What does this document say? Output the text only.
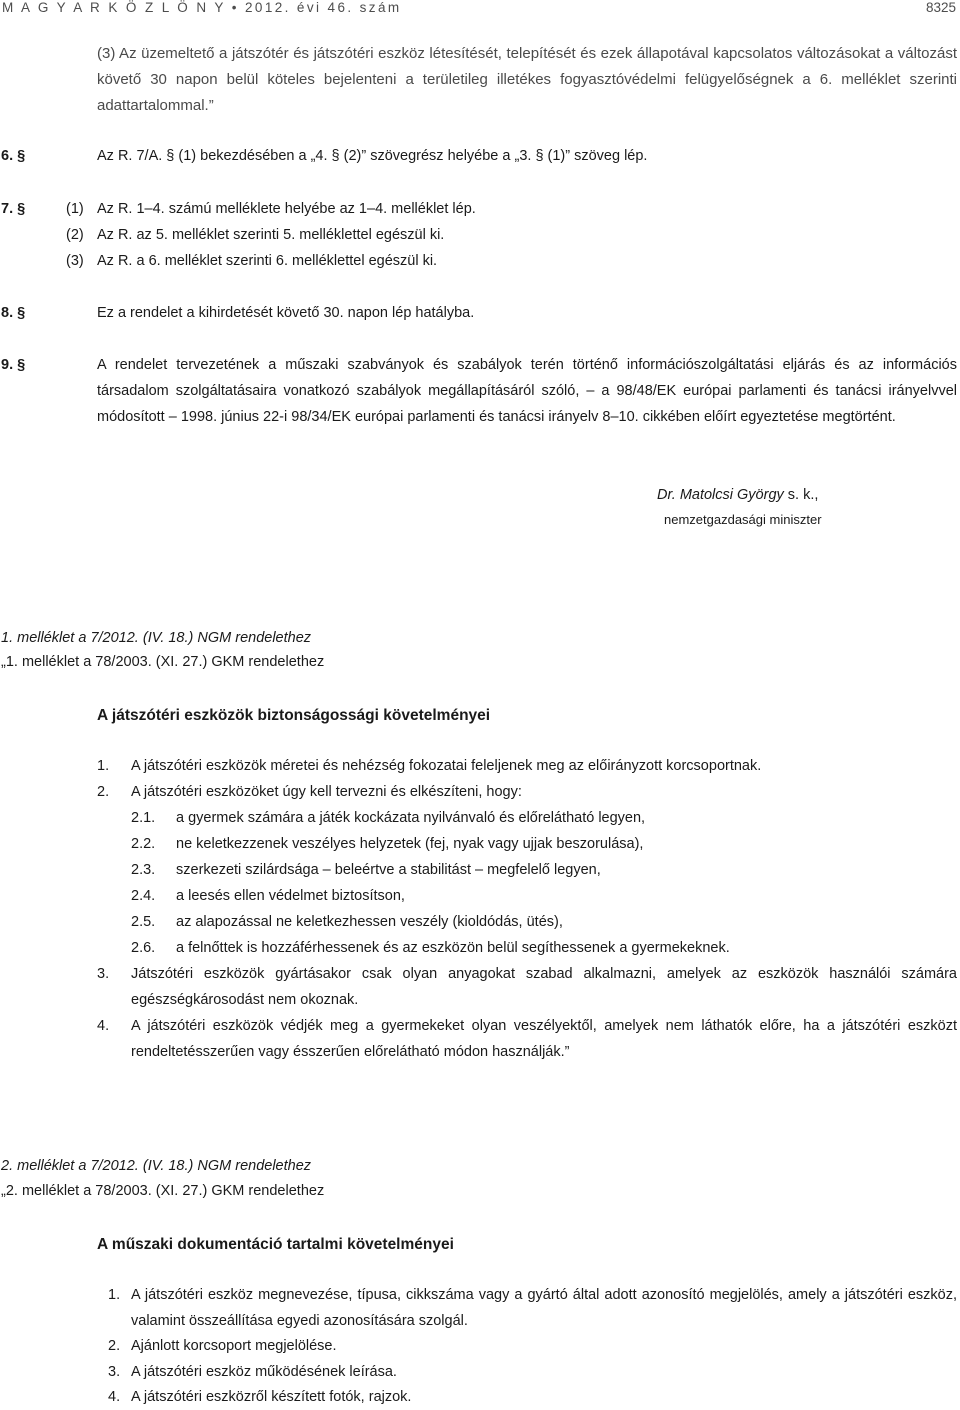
M A G Y A R K Ö Z L Ö N Y • 2012. évi 46. szám	8325
(3) Az üzemeltető a játszótér és játszótéri eszköz létesítését, telepítését és ezek állapotával kapcsolatos változásokat a változást követő 30 napon belül köteles bejelenteni a területileg illetékes fogyasztóvédelmi felügyelőségnek a 6. melléklet szerinti adattartalommal.”
6. §	Az R. 7/A. § (1) bekezdésében a „4. § (2)” szövegrész helyébe a „3. § (1)” szöveg lép.
7. §	(1) Az R. 1–4. számú melléklete helyébe az 1–4. melléklet lép.
(2) Az R. az 5. melléklet szerinti 5. melléklettel egészül ki.
(3) Az R. a 6. melléklet szerinti 6. melléklettel egészül ki.
8. §	Ez a rendelet a kihirdetését követő 30. napon lép hatályba.
9. §	A rendelet tervezetének a műszaki szabványok és szabályok terén történő információszolgáltatási eljárás és az információs társadalom szolgáltatásaira vonatkozó szabályok megállapításáról szóló, – a 98/48/EK európai parlamenti és tanácsi irányelvvel módosított – 1998. június 22-i 98/34/EK európai parlamenti és tanácsi irányelv 8–10. cikkében előírt egyeztetése megtörtént.
Dr. Matolcsi György s. k.,
nemzetgazdasági miniszter
1. melléklet a 7/2012. (IV. 18.) NGM rendelethez
„1. melléklet a 78/2003. (XI. 27.) GKM rendelethez
A játszótéri eszközök biztonságossági követelményei
1. A játszótéri eszközök méretei és nehézség fokozatai feleljenek meg az előirányzott korcsoportnak.
2. A játszótéri eszközöket úgy kell tervezni és elkészíteni, hogy:
2.1. a gyermek számára a játék kockázata nyilvánvaló és előrelátható legyen,
2.2. ne keletkezzenek veszélyes helyzetek (fej, nyak vagy ujjak beszorulása),
2.3. szerkezeti szilárdsága – beleértve a stabilitást – megfelelő legyen,
2.4. a leesés ellen védelmet biztosítson,
2.5. az alapozással ne keletkezhessen veszély (kioldódás, ütés),
2.6. a felnőttek is hozzáférhessenek és az eszközön belül segíthessenek a gyermekeknek.
3. Játszótéri eszközök gyártásakor csak olyan anyagokat szabad alkalmazni, amelyek az eszközök használói számára egészségkárosodást nem okoznak.
4. A játszótéri eszközök védjék meg a gyermekeket olyan veszélyektől, amelyek nem láthatók előre, ha a játszótéri eszközt rendeltetésszerűen vagy ésszerűen előrelátható módon használják.”
2. melléklet a 7/2012. (IV. 18.) NGM rendelethez
„2. melléklet a 78/2003. (XI. 27.) GKM rendelethez
A műszaki dokumentáció tartalmi követelményei
1. A játszótéri eszköz megnevezése, típusa, cikkszáma vagy a gyártó által adott azonosító megjelölés, amely a játszótéri eszköz, valamint összeállítása egyedi azonosítására szolgál.
2. Ajánlott korcsoport megjelölése.
3. A játszótéri eszköz működésének leírása.
4. A játszótéri eszközről készített fotók, rajzok.
